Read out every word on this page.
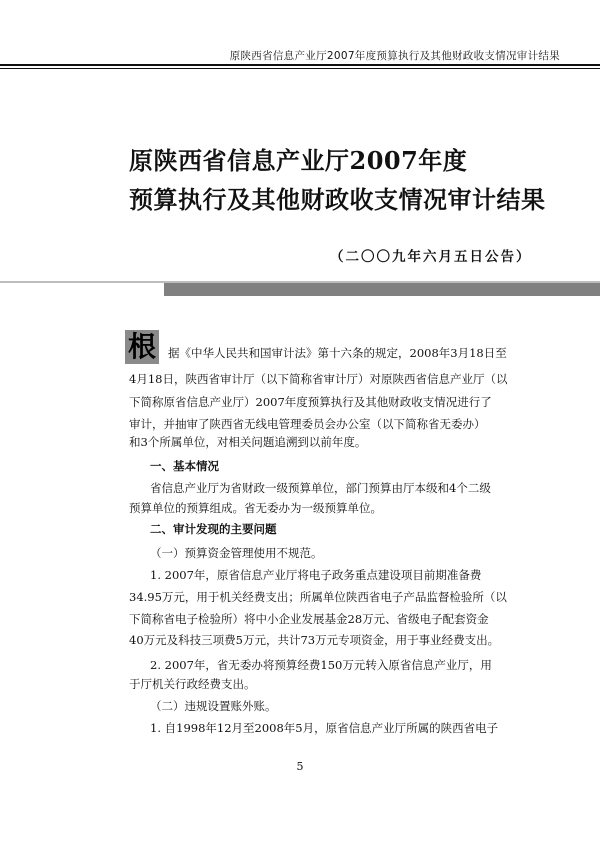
原陕西省信息产业厅2007年度预算执行及其他财政收支情况审计结果
原陕西省信息产业厅2007年度
预算执行及其他财政收支情况审计结果
（二〇〇九年六月五日公告）
根 据《中华人民共和国审计法》第十六条的规定，2008年3月18日至
4月18日，陕西省审计厅（以下简称省审计厅）对原陕西省信息产业厅（以
下简称原省信息产业厅）2007年度预算执行及其他财政收支情况进行了
审计，并抽审了陕西省无线电管理委员会办公室（以下简称省无委办）
和3个所属单位，对相关问题追溯到以前年度。
一、基本情况
省信息产业厅为省财政一级预算单位，部门预算由厅本级和4个二级
预算单位的预算组成。省无委办为一级预算单位。
二、审计发现的主要问题
（一）预算资金管理使用不规范。
1. 2007年，原省信息产业厅将电子政务重点建设项目前期准备费
34.95万元，用于机关经费支出；所属单位陕西省电子产品监督检验所（以
下简称省电子检验所）将中小企业发展基金28万元、省级电子配套资金
40万元及科技三项费5万元，共计73万元专项资金，用于事业经费支出。
2. 2007年，省无委办将预算经费150万元转入原省信息产业厅，用
于厅机关行政经费支出。
（二）违规设置账外账。
1. 自1998年12月至2008年5月，原省信息产业厅所属的陕西省电子
5
